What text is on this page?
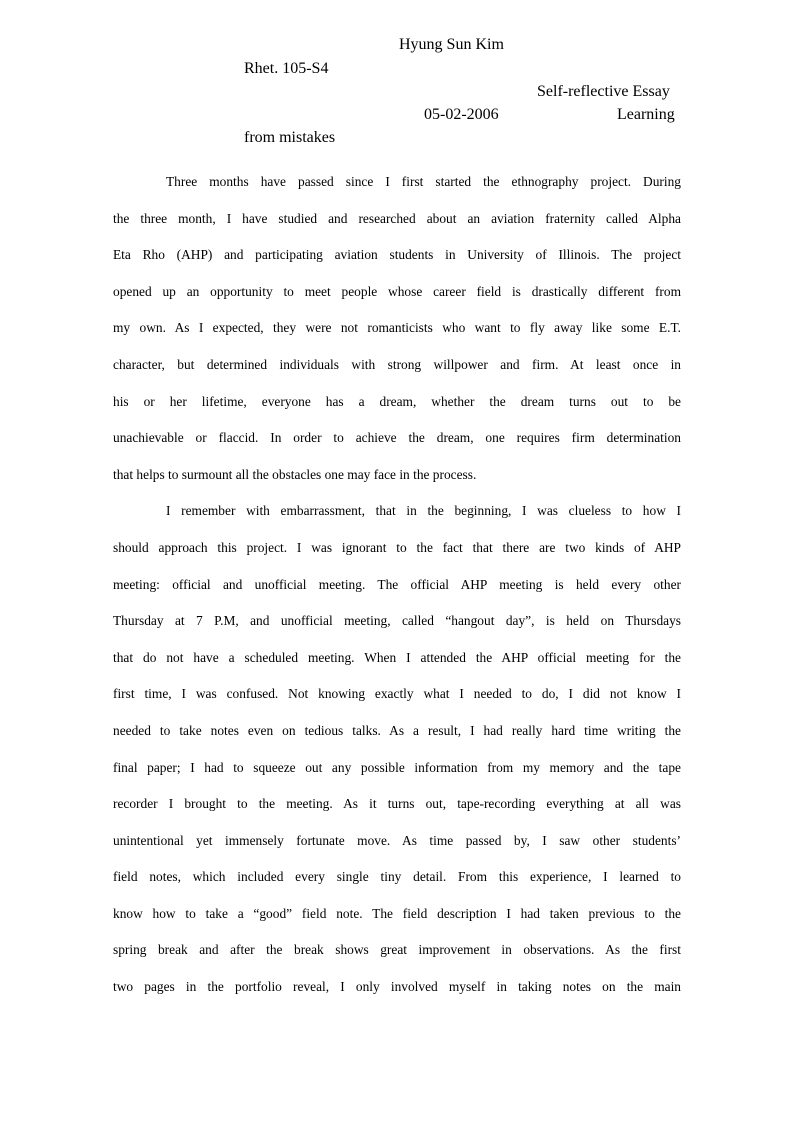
Hyung Sun Kim
Rhet. 105-S4
Self-reflective Essay
05-02-2006	Learning
from mistakes
Three months have passed since I first started the ethnography project. During
the three month, I have studied and researched about an aviation fraternity called Alpha
Eta Rho (AHP) and participating aviation students in University of Illinois. The project
opened up an opportunity to meet people whose career field is drastically different from
my own. As I expected, they were not romanticists who want to fly away like some E.T.
character, but determined individuals with strong willpower and firm. At least once in
his or her lifetime, everyone has a dream, whether the dream turns out to be
unachievable or flaccid. In order to achieve the dream, one requires firm determination
that helps to surmount all the obstacles one may face in the process.
I remember with embarrassment, that in the beginning, I was clueless to how I
should approach this project. I was ignorant to the fact that there are two kinds of AHP
meeting: official and unofficial meeting. The official AHP meeting is held every other
Thursday at 7 P.M, and unofficial meeting, called “hangout day”, is held on Thursdays
that do not have a scheduled meeting. When I attended the AHP official meeting for the
first time, I was confused. Not knowing exactly what I needed to do, I did not know I
needed to take notes even on tedious talks. As a result, I had really hard time writing the
final paper; I had to squeeze out any possible information from my memory and the tape
recorder I brought to the meeting. As it turns out, tape-recording everything at all was
unintentional yet immensely fortunate move. As time passed by, I saw other students’
field notes, which included every single tiny detail. From this experience, I learned to
know how to take a “good” field note. The field description I had taken previous to the
spring break and after the break shows great improvement in observations. As the first
two pages in the portfolio reveal, I only involved myself in taking notes on the main
